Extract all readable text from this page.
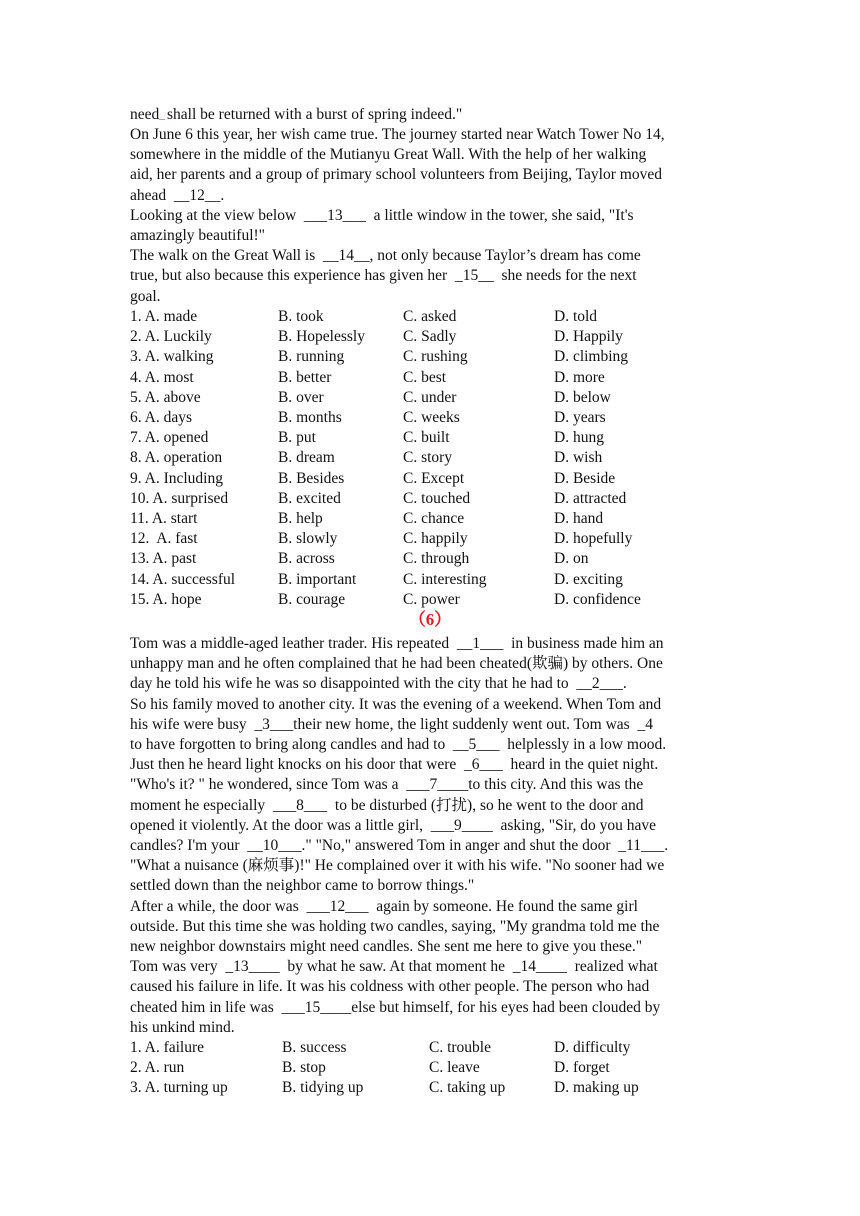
need  shall be returned with a burst of spring indeed."
On June 6 this year, her wish came true. The journey started near Watch Tower No 14,
somewhere in the middle of the Mutianyu Great Wall. With the help of her walking
aid, her parents and a group of primary school volunteers from Beijing, Taylor moved
ahead  __12__.
Looking at the view below  ___13___  a little window in the tower, she said, "It's
amazingly beautiful!"
The walk on the Great Wall is  __14__, not only because Taylor’s dream has come
true, but also because this experience has given her  _15__  she needs for the next
goal.
1. A. made	B. took	C. asked	D. told
2. A. Luckily	B. Hopelessly C. Sadly	D. Happily
3. A. walking	B. running	C. rushing	D. climbing
4. A. most	B. better	C. best	D. more
5. A. above	B. over	C. under	D. below
6. A. days	B. months	C. weeks	D. years
7. A. opened	B. put	C. built	D. hung
8. A. operation	B. dream	C. story	D. wish
9. A. Including	B. Besides	C. Except	D. Beside
10. A. surprised	B. excited	C. touched	D. attracted
11. A. start	B. help	C. chance	D. hand
12.  A. fast	B. slowly	C. happily	D. hopefully
13. A. past	B. across	C. through	D. on
14. A. successful	B. important	C. interesting	D. exciting
15. A. hope	B. courage	C. power	D. confidence
（6）
Tom was a middle-aged leather trader. His repeated  __1___  in business made him an
unhappy man and he often complained that he had been cheated(欺骗) by others. One
day he told his wife he was so disappointed with the city that he had to  __2___.
So his family moved to another city. It was the evening of a weekend. When Tom and
his wife were busy  _3___their new home, the light suddenly went out. Tom was  _4
to have forgotten to bring along candles and had to  __5___  helplessly in a low mood.
Just then he heard light knocks on his door that were  _6___  heard in the quiet night.
"Who's it? " he wondered, since Tom was a  ___7____to this city. And this was the
moment he especially  ___8___  to be disturbed (打扰), so he went to the door and
opened it violently. At the door was a little girl,  ___9____  asking, "Sir, do you have
candles? I'm your  __10___." "No," answered Tom in anger and shut the door  _11___.
"What a nuisance (麻烦事)!" He complained over it with his wife. "No sooner had we
settled down than the neighbor came to borrow things."
After a while, the door was  ___12___  again by someone. He found the same girl
outside. But this time she was holding two candles, saying, "My grandma told me the
new neighbor downstairs might need candles. She sent me here to give you these."
Tom was very  _13____  by what he saw. At that moment he  _14____  realized what
caused his failure in life. It was his coldness with other people. The person who had
cheated him in life was  ___15____else but himself, for his eyes had been clouded by
his unkind mind.
1. A. failure	B. success	C. trouble	D. difficulty
2. A. run	B. stop	C. leave	D. forget
3. A. turning up	B. tidying up	C. taking up	D. making up
